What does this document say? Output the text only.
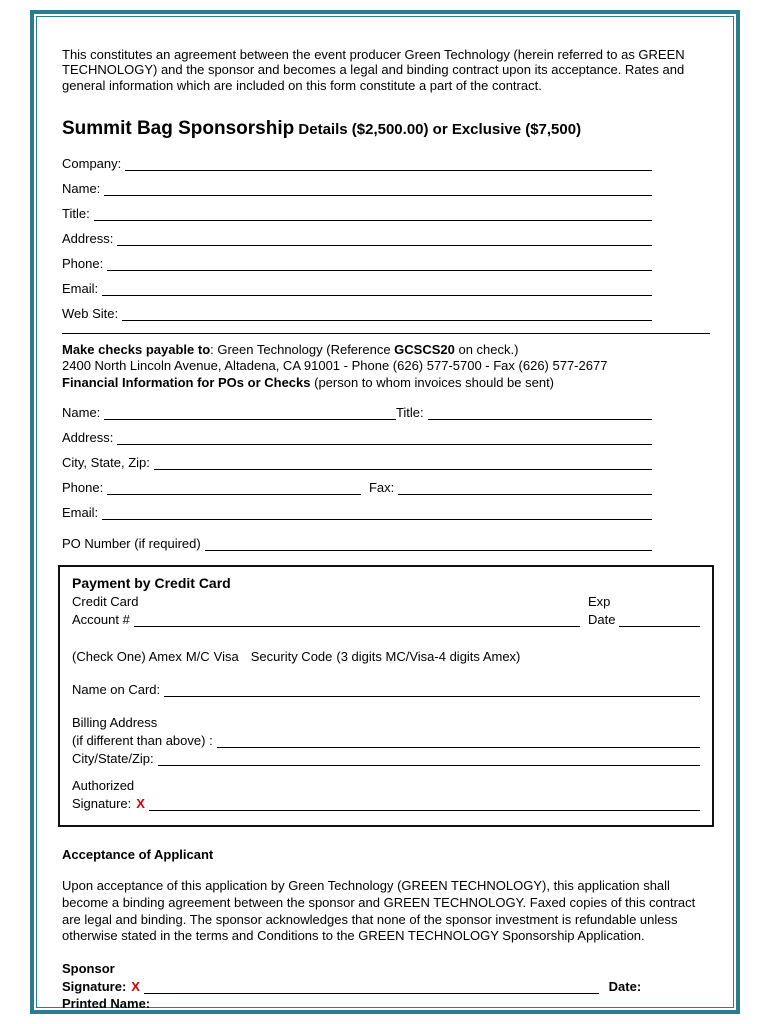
This constitutes an agreement between the event producer Green Technology (herein referred to as GREEN TECHNOLOGY) and the sponsor and becomes a legal and binding contract upon its acceptance. Rates and general information which are included on this form constitute a part of the contract.

Summit Bag Sponsorship Details ($2,500.00) or Exclusive ($7,500)
Company:
Name:
Title:
Address:
Phone:
Email:
Web Site:

Make checks payable to: Green Technology (Reference GCSCS20 on check.)

2400 North Lincoln Avenue, Altadena, CA 91001 - Phone (626) 577-5700 - Fax (626) 577-2677

Financial Information for POs or Checks (person to whom invoices should be sent)

Name:	Title:
Address:
City, State, Zip:
Phone:	Fax:
Email:
PO Number (if required)
Payment by Credit Card
Credit Card	Exp
Account #	Date
(Check One) Amex M/C Visa Security Code (3 digits MC/Visa-4 digits Amex)
Name on Card:
Billing Address
(if different than above) :
City/State/Zip:
Authorized
Signature: X
Acceptance of Applicant

Upon acceptance of this application by Green Technology (GREEN TECHNOLOGY), this application shall become a binding agreement between the sponsor and GREEN TECHNOLOGY. Faxed copies of this contract are legal and binding. The sponsor acknowledges that none of the sponsor investment is refundable unless otherwise stated in the terms and Conditions to the GREEN TECHNOLOGY Sponsorship Application.

Sponsor
Signature: X	Date:
Printed Name:
